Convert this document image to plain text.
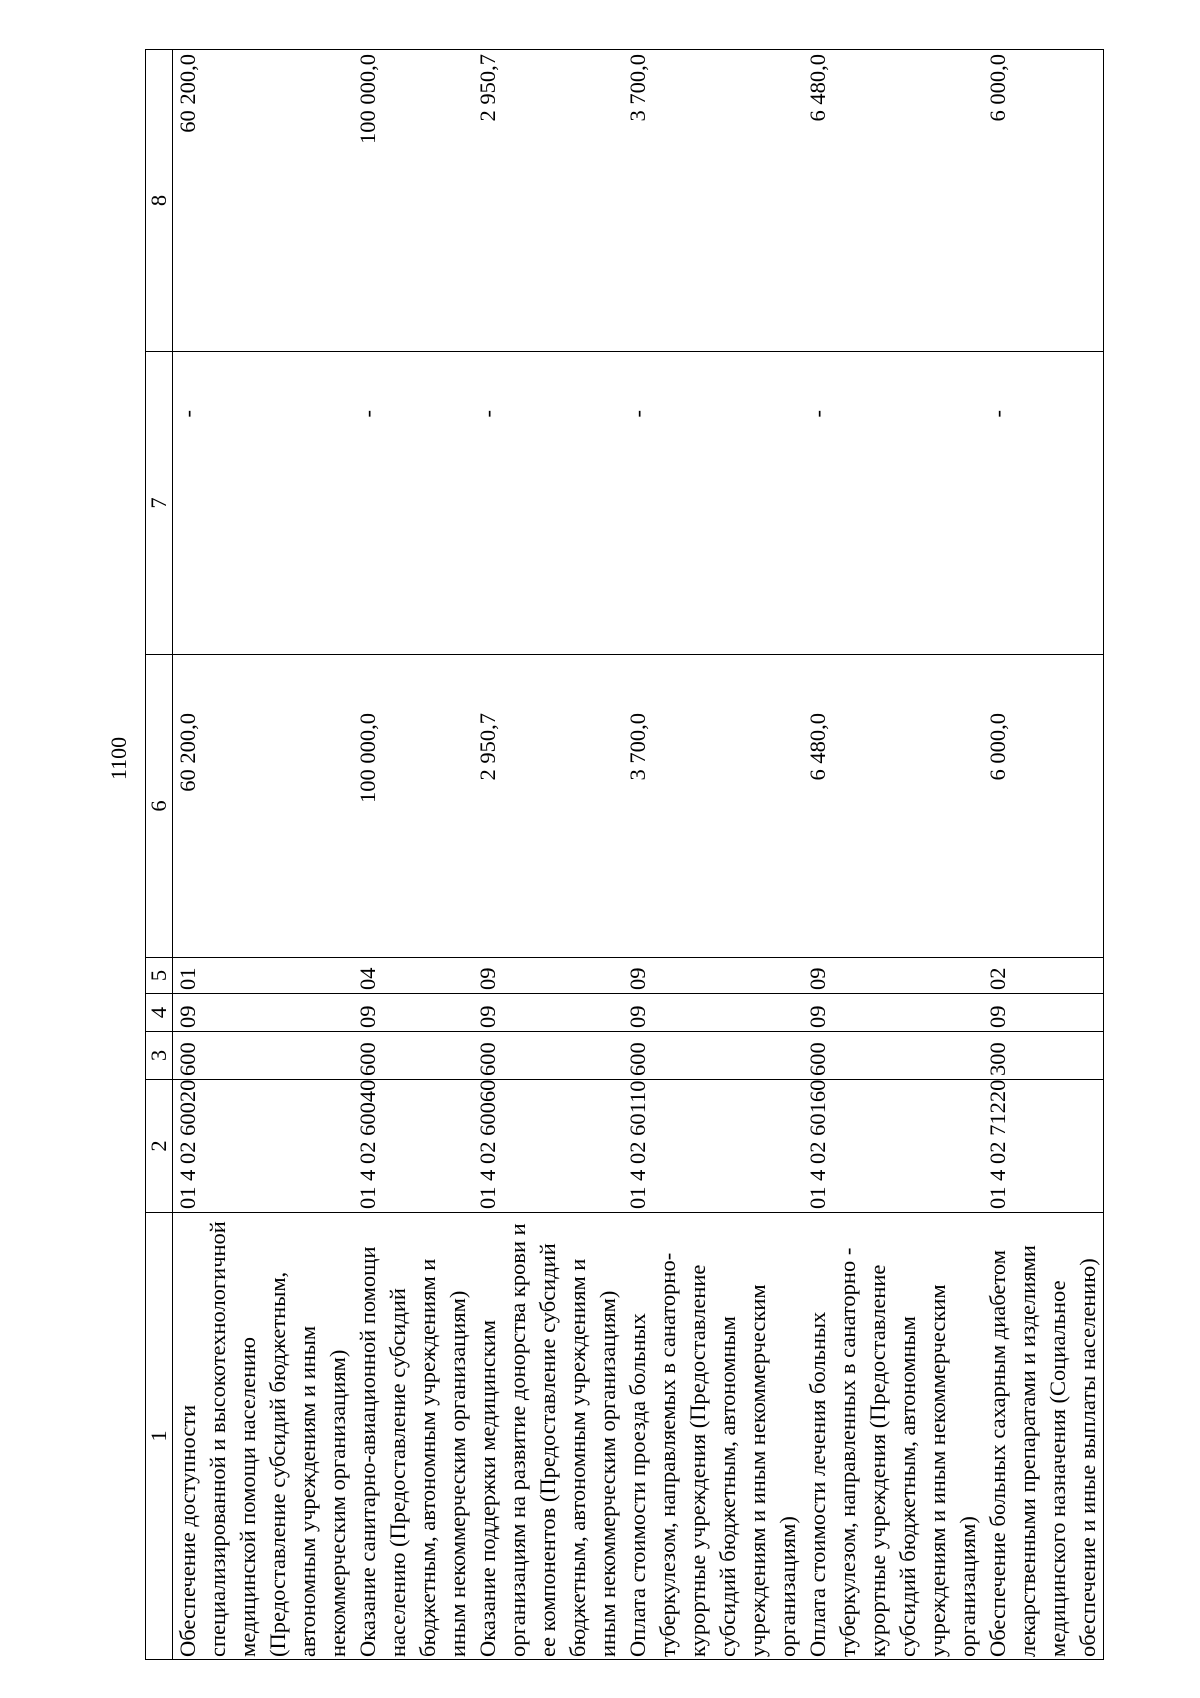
1100
1	2	3	4	5	6	7	8
Обеспечение доступности специализированной и высокотехнологичной медицинской помощи населению (Предоставление субсидий бюджетным, автономным учреждениям и иным некоммерческим организациям)	01 4 02 60020	600	09	01	60 200,0	-	60 200,0
Оказание санитарно-авиационной помощи населению (Предоставление субсидий бюджетным, автономным учреждениям и иным некоммерческим организациям)	01 4 02 60040	600	09	04	100 000,0	-	100 000,0
Оказание поддержки медицинским организациям на развитие донорства крови и ее компонентов (Предоставление субсидий бюджетным, автономным учреждениям и иным некоммерческим организациям)	01 4 02 60060	600	09	09	2 950,7	-	2 950,7
Оплата стоимости проезда больных туберкулезом, направляемых в санаторно-курортные учреждения (Предоставление субсидий бюджетным, автономным учреждениям и иным некоммерческим организациям)	01 4 02 60110	600	09	09	3 700,0	-	3 700,0
Оплата стоимости лечения больных туберкулезом, направленных в санаторно - курортные учреждения (Предоставление субсидий бюджетным, автономным учреждениям и иным некоммерческим организациям)	01 4 02 60160	600	09	09	6 480,0	-	6 480,0
Обеспечение больных сахарным диабетом лекарственными препаратами и изделиями медицинского назначения (Социальное обеспечение и иные выплаты населению)	01 4 02 71220	300	09	02	6 000,0	-	6 000,0
